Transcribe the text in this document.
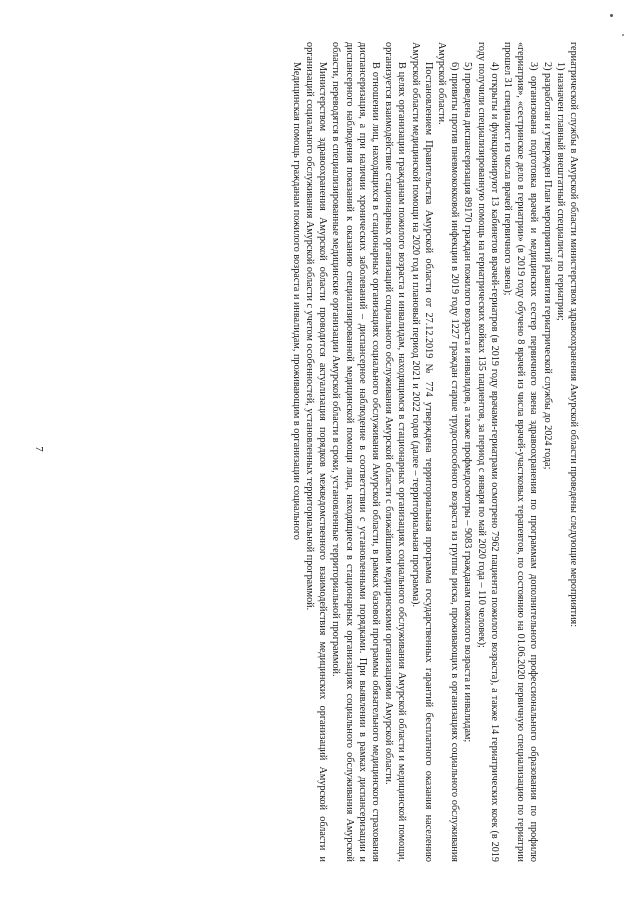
7	гериатрической службы в Амурской области министерством здравоохранения Амурской области проведены следующие мероприятия:

1) назначен главный внештатный специалист по гериатрии;

2) разработан и утвержден План мероприятий развития гериатрической службы до 2024 года;

3) организована подготовка врачей и медицинских сестер первичного звена здравоохранения по программам дополнительного профессионального образования по профилю «гериатрия», «сестринское дело в гериатрии» (в 2019 году обучено 8 врачей из числа врачей-участковых терапевтов, по состоянию на 01.06.2020 первичную специализацию по гериатрии прошел 31 специалист из числа врачей первичного звена);

4) открыты и функционируют 13 кабинетов врачей-гериатров (в 2019 году врачами-гериатрами осмотрено 7962 пациента пожилого возраста), а также 14 гериатрических коек (в 2019 году получили специализированную помощь на гериатрических койках 135 пациентов, за период с января по май 2020 года – 110 человек);

5) проведена диспансеризация 89170 граждан пожилого возраста и инвалидов, а также профмедосмотры – 9083 гражданам пожилого возраста и инвалидам;

6) привиты против пневмококковой инфекции в 2019 году 1227 граждан старше трудоспособного возраста из группы риска, проживающих в организациях социального обслуживания Амурской области.

Постановлением Правительства Амурской области от 27.12.2019 № 774 утверждена территориальная программа государственных гарантий бесплатного оказания населению Амурской области медицинской помощи на 2020 год и плановый период 2021 и 2022 годов (далее – территориальная программа).

В целях организации гражданам пожилого возраста и инвалидам, находящимся в стационарных организациях социального обслуживания Амурской области и медицинской помощи, организуется взаимодействие стационарных организаций социального обслуживания Амурской области с ближайшими медицинскими организациями Амурской области.

В отношении лиц, находящихся в стационарных организациях социального обслуживания Амурской области, в рамках базовой программы обязательного медицинского страхования диспансеризация, а при наличии хронических заболеваний – диспансерное наблюдение в соответствии с установленными порядками. При выявлении в рамках диспансеризации и диспансерного наблюдения показаний к оказанию специализированной медицинской помощи лица, находящиеся в стационарных организациях социального обслуживания Амурской области, переводятся в специализированные медицинские организации Амурской области в сроки, установленные территориальной программой.

Министерством здравоохранения Амурской области проводится актуализация порядков межведомственного взаимодействия медицинских организаций Амурской области и организаций социального обслуживания Амурской области с учетом особенностей, установленных территориальной программой.

Медицинская помощь гражданам пожилого возраста и инвалидам, проживающим в организации социального
